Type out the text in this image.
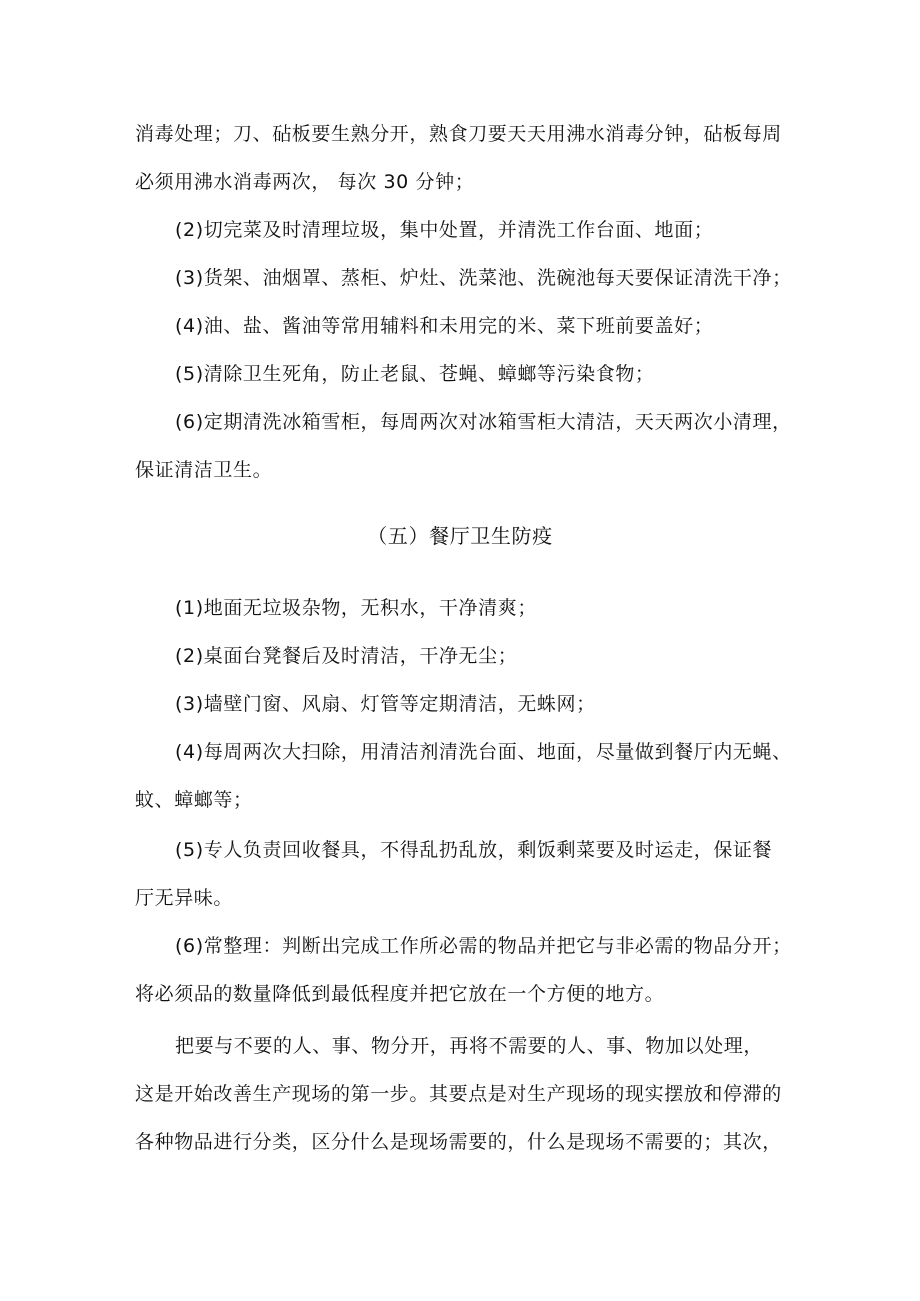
消毒处理；刀、砧板要生熟分开，熟食刀要天天用沸水消毒分钟，砧板每周
必须用沸水消毒两次， 每次 30 分钟；
(2)切完菜及时清理垃圾，集中处置，并清洗工作台面、地面；
(3)货架、油烟罩、蒸柜、炉灶、洗菜池、洗碗池每天要保证清洗干净；
(4)油、盐、酱油等常用辅料和未用完的米、菜下班前要盖好；
(5)清除卫生死角，防止老鼠、苍蝇、蟑螂等污染食物；
(6)定期清洗冰箱雪柜，每周两次对冰箱雪柜大清洁，天天两次小清理，
保证清洁卫生。
（五）餐厅卫生防疫
(1)地面无垃圾杂物，无积水，干净清爽；
(2)桌面台凳餐后及时清洁，干净无尘；
(3)墙壁门窗、风扇、灯管等定期清洁，无蛛网；
(4)每周两次大扫除，用清洁剂清洗台面、地面，尽量做到餐厅内无蝇、
蚊、蟑螂等；
(5)专人负责回收餐具，不得乱扔乱放，剩饭剩菜要及时运走，保证餐
厅无异味。
(6)常整理：判断出完成工作所必需的物品并把它与非必需的物品分开；
将必须品的数量降低到最低程度并把它放在一个方便的地方。
把要与不要的人、事、物分开，再将不需要的人、事、物加以处理，
这是开始改善生产现场的第一步。其要点是对生产现场的现实摆放和停滞的
各种物品进行分类，区分什么是现场需要的，什么是现场不需要的；其次，
